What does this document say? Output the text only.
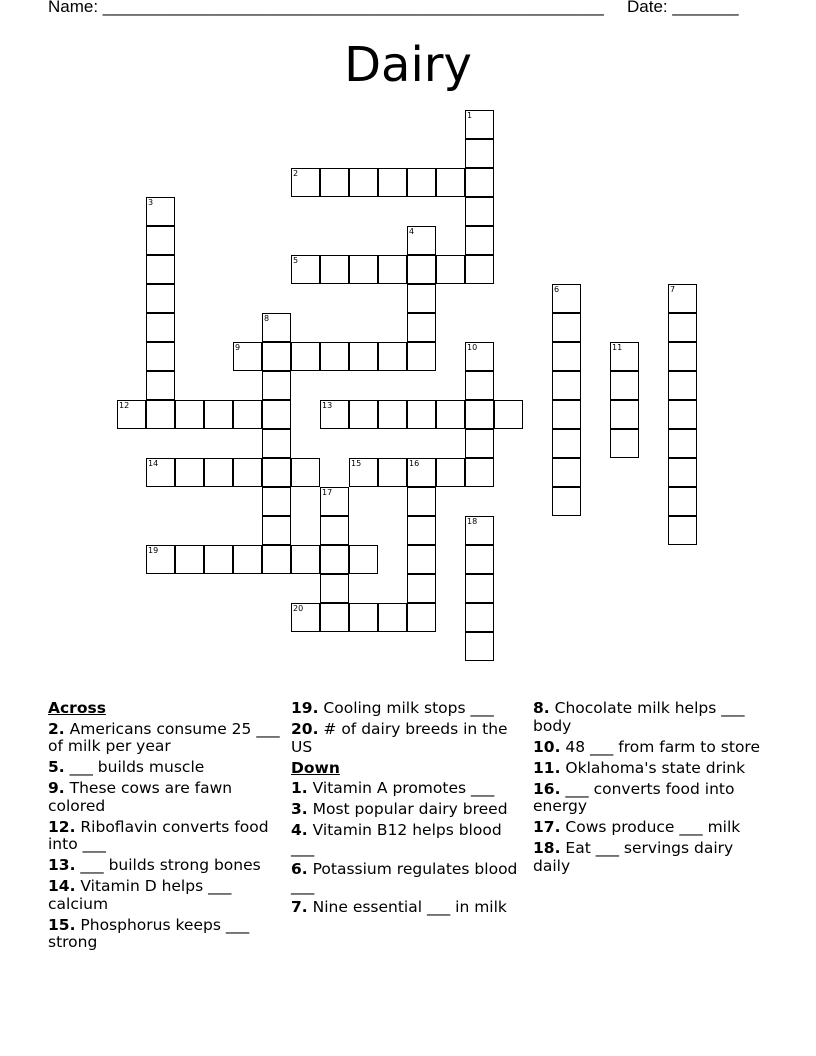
Name: _____________________________________________________ Date: _______
Dairy
1
2
3
4
5
6	7
8
9	10	11
12	13
14	15	16
17
18
19
20
Across
2. Americans consume 25 ___ of milk per year
5. ___ builds muscle
9. These cows are fawn colored
12. Riboflavin converts food into ___
13. ___ builds strong bones
14. Vitamin D helps ___ calcium
15. Phosphorus keeps ___ strong
19. Cooling milk stops ___
20. # of dairy breeds in the US
Down
1. Vitamin A promotes ___
3. Most popular dairy breed
4. Vitamin B12 helps blood ___
6. Potassium regulates blood ___
7. Nine essential ___ in milk
8. Chocolate milk helps ___ body
10. 48 ___ from farm to store
11. Oklahoma's state drink
16. ___ converts food into energy
17. Cows produce ___ milk
18. Eat ___ servings dairy daily
